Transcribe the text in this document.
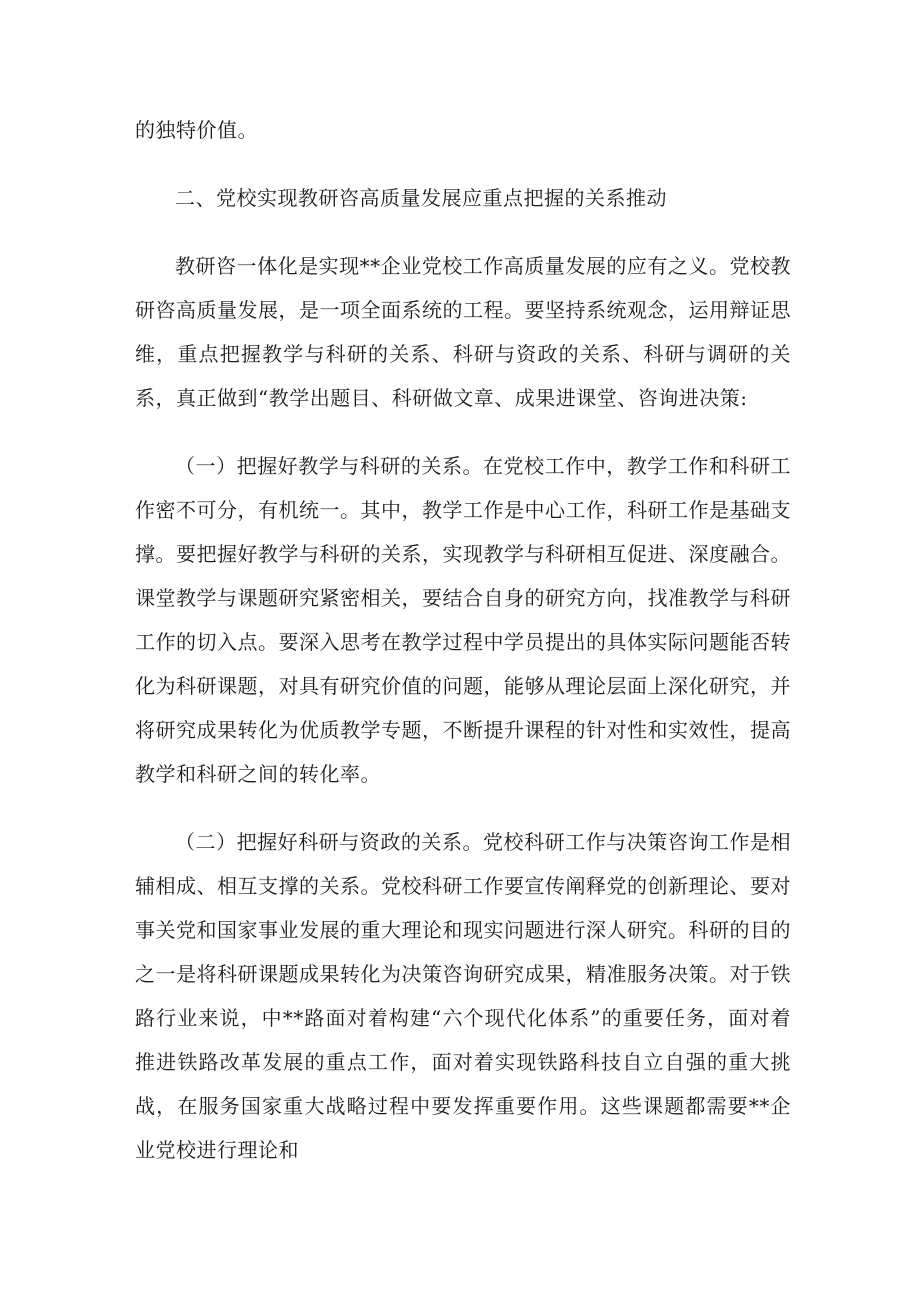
的独特价值。

二、党校实现教研咨高质量发展应重点把握的关系推动

教研咨一体化是实现**企业党校工作高质量发展的应有之义。党校教研咨高质量发展，是一项全面系统的工程。要坚持系统观念，运用辩证思维，重点把握教学与科研的关系、科研与资政的关系、科研与调研的关系，真正做到“教学出题目、科研做文章、成果进课堂、咨询进决策:

（一）把握好教学与科研的关系。在党校工作中，教学工作和科研工作密不可分，有机统一。其中，教学工作是中心工作，科研工作是基础支撑。要把握好教学与科研的关系，实现教学与科研相互促进、深度融合。课堂教学与课题研究紧密相关，要结合自身的研究方向，找准教学与科研工作的切入点。要深入思考在教学过程中学员提出的具体实际问题能否转化为科研课题，对具有研究价值的问题，能够从理论层面上深化研究，并将研究成果转化为优质教学专题，不断提升课程的针对性和实效性，提高教学和科研之间的转化率。

（二）把握好科研与资政的关系。党校科研工作与决策咨询工作是相辅相成、相互支撑的关系。党校科研工作要宣传阐释党的创新理论、要对事关党和国家事业发展的重大理论和现实问题进行深人研究。科研的目的之一是将科研课题成果转化为决策咨询研究成果，精准服务决策。对于铁路行业来说，中**路面对着构建“六个现代化体系”的重要任务，面对着推进铁路改革发展的重点工作，面对着实现铁路科技自立自强的重大挑战，在服务国家重大战略过程中要发挥重要作用。这些课题都需要**企业党校进行理论和
